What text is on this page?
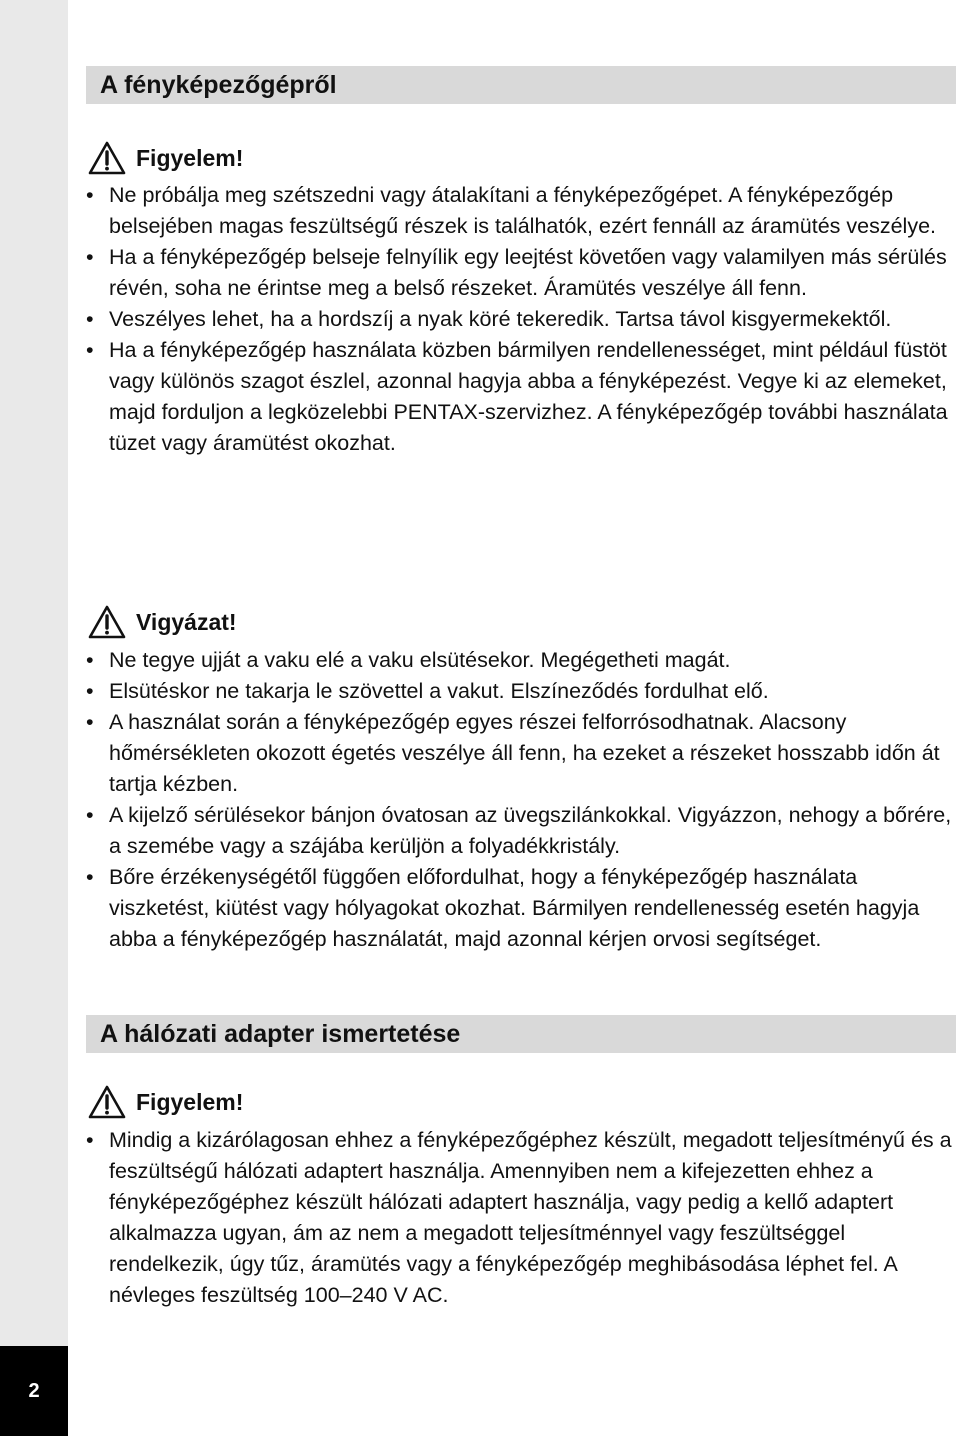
2
A fényképezőgépről
Figyelem!
• Ne próbálja meg szétszedni vagy átalakítani a fényképezőgépet. A fényképezőgép belsejében magas feszültségű részek is találhatók, ezért fennáll az áramütés veszélye.
• Ha a fényképezőgép belseje felnyílik egy leejtést követően vagy valamilyen más sérülés révén, soha ne érintse meg a belső részeket. Áramütés veszélye áll fenn.
• Veszélyes lehet, ha a hordszíj a nyak köré tekeredik. Tartsa távol kisgyermekektől.
• Ha a fényképezőgép használata közben bármilyen rendellenességet, mint például füstöt vagy különös szagot észlel, azonnal hagyja abba a fényképezést. Vegye ki az elemeket, majd forduljon a legközelebbi PENTAX-szervizhez. A fényképezőgép további használata tüzet vagy áramütést okozhat.
Vigyázat!
• Ne tegye ujját a vaku elé a vaku elsütésekor. Megégetheti magát.
• Elsütéskor ne takarja le szövettel a vakut. Elszíneződés fordulhat elő.
• A használat során a fényképezőgép egyes részei felforrósodhatnak. Alacsony hőmérsékleten okozott égetés veszélye áll fenn, ha ezeket a részeket hosszabb időn át tartja kézben.
• A kijelző sérülésekor bánjon óvatosan az üvegszilánkokkal. Vigyázzon, nehogy a bőrére, a szemébe vagy a szájába kerüljön a folyadékkristály.
• Bőre érzékenységétől függően előfordulhat, hogy a fényképezőgép használata viszketést, kiütést vagy hólyagokat okozhat. Bármilyen rendellenesség esetén hagyja abba a fényképezőgép használatát, majd azonnal kérjen orvosi segítséget.
A hálózati adapter ismertetése
Figyelem!
• Mindig a kizárólagosan ehhez a fényképezőgéphez készült, megadott teljesítményű és a feszültségű hálózati adaptert használja. Amennyiben nem a kifejezetten ehhez a fényképezőgéphez készült hálózati adaptert használja, vagy pedig a kellő adaptert alkalmazza ugyan, ám az nem a megadott teljesítménnyel vagy feszültséggel rendelkezik, úgy tűz, áramütés vagy a fényképezőgép meghibásodása léphet fel. A névleges feszültség 100–240 V AC.
